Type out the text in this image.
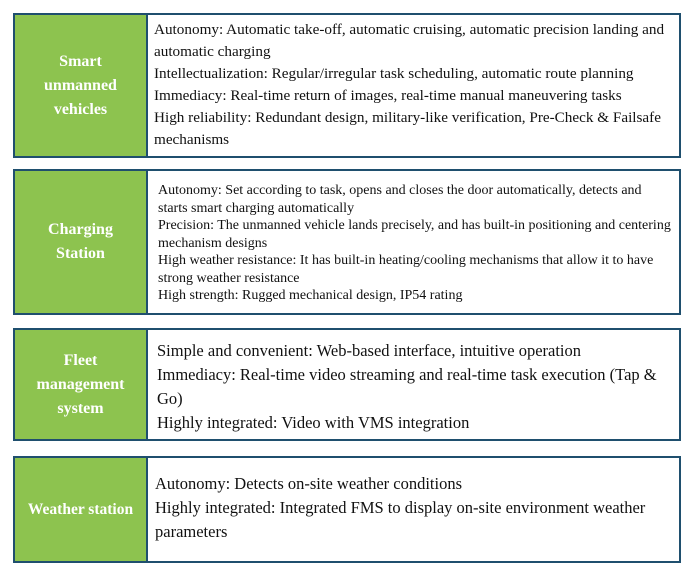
Smart unmanned vehicles
Autonomy: Automatic take-off, automatic cruising, automatic precision landing and automatic charging
Intellectualization: Regular/irregular task scheduling, automatic route planning
Immediacy: Real-time return of images, real-time manual maneuvering tasks
High reliability: Redundant design, military-like verification, Pre-Check & Failsafe mechanisms
Charging Station
Autonomy: Set according to task, opens and closes the door automatically, detects and starts smart charging automatically
Precision: The unmanned vehicle lands precisely, and has built-in positioning and centering mechanism designs
High weather resistance: It has built-in heating/cooling mechanisms that allow it to have strong weather resistance
High strength: Rugged mechanical design, IP54 rating
Fleet management system
Simple and convenient: Web-based interface, intuitive operation
Immediacy: Real-time video streaming and real-time task execution (Tap & Go)
Highly integrated: Video with VMS integration
Weather station
Autonomy: Detects on-site weather conditions
Highly integrated: Integrated FMS to display on-site environment weather parameters
